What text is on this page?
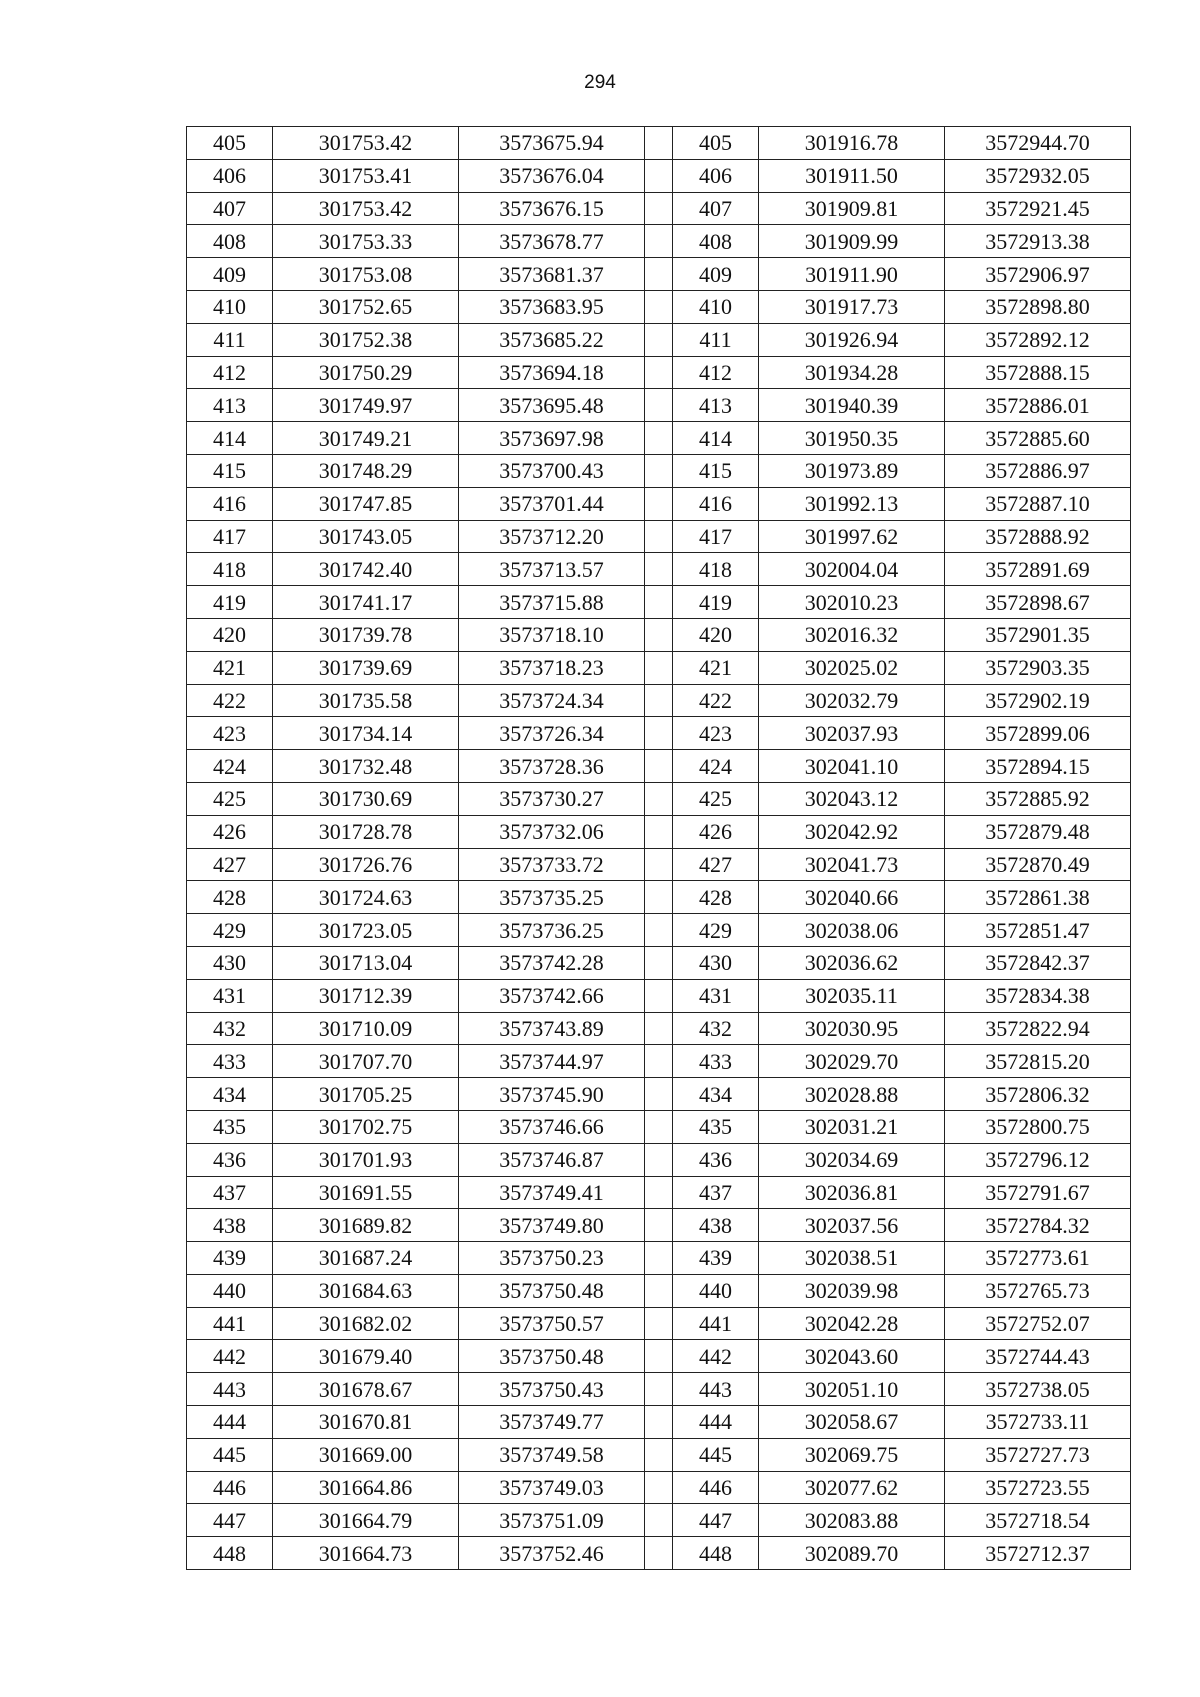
294
405	301753.42	3573675.94		405	301916.78	3572944.70
406	301753.41	3573676.04		406	301911.50	3572932.05
407	301753.42	3573676.15		407	301909.81	3572921.45
408	301753.33	3573678.77		408	301909.99	3572913.38
409	301753.08	3573681.37		409	301911.90	3572906.97
410	301752.65	3573683.95		410	301917.73	3572898.80
411	301752.38	3573685.22		411	301926.94	3572892.12
412	301750.29	3573694.18		412	301934.28	3572888.15
413	301749.97	3573695.48		413	301940.39	3572886.01
414	301749.21	3573697.98		414	301950.35	3572885.60
415	301748.29	3573700.43		415	301973.89	3572886.97
416	301747.85	3573701.44		416	301992.13	3572887.10
417	301743.05	3573712.20		417	301997.62	3572888.92
418	301742.40	3573713.57		418	302004.04	3572891.69
419	301741.17	3573715.88		419	302010.23	3572898.67
420	301739.78	3573718.10		420	302016.32	3572901.35
421	301739.69	3573718.23		421	302025.02	3572903.35
422	301735.58	3573724.34		422	302032.79	3572902.19
423	301734.14	3573726.34		423	302037.93	3572899.06
424	301732.48	3573728.36		424	302041.10	3572894.15
425	301730.69	3573730.27		425	302043.12	3572885.92
426	301728.78	3573732.06		426	302042.92	3572879.48
427	301726.76	3573733.72		427	302041.73	3572870.49
428	301724.63	3573735.25		428	302040.66	3572861.38
429	301723.05	3573736.25		429	302038.06	3572851.47
430	301713.04	3573742.28		430	302036.62	3572842.37
431	301712.39	3573742.66		431	302035.11	3572834.38
432	301710.09	3573743.89		432	302030.95	3572822.94
433	301707.70	3573744.97		433	302029.70	3572815.20
434	301705.25	3573745.90		434	302028.88	3572806.32
435	301702.75	3573746.66		435	302031.21	3572800.75
436	301701.93	3573746.87		436	302034.69	3572796.12
437	301691.55	3573749.41		437	302036.81	3572791.67
438	301689.82	3573749.80		438	302037.56	3572784.32
439	301687.24	3573750.23		439	302038.51	3572773.61
440	301684.63	3573750.48		440	302039.98	3572765.73
441	301682.02	3573750.57		441	302042.28	3572752.07
442	301679.40	3573750.48		442	302043.60	3572744.43
443	301678.67	3573750.43		443	302051.10	3572738.05
444	301670.81	3573749.77		444	302058.67	3572733.11
445	301669.00	3573749.58		445	302069.75	3572727.73
446	301664.86	3573749.03		446	302077.62	3572723.55
447	301664.79	3573751.09		447	302083.88	3572718.54
448	301664.73	3573752.46		448	302089.70	3572712.37
